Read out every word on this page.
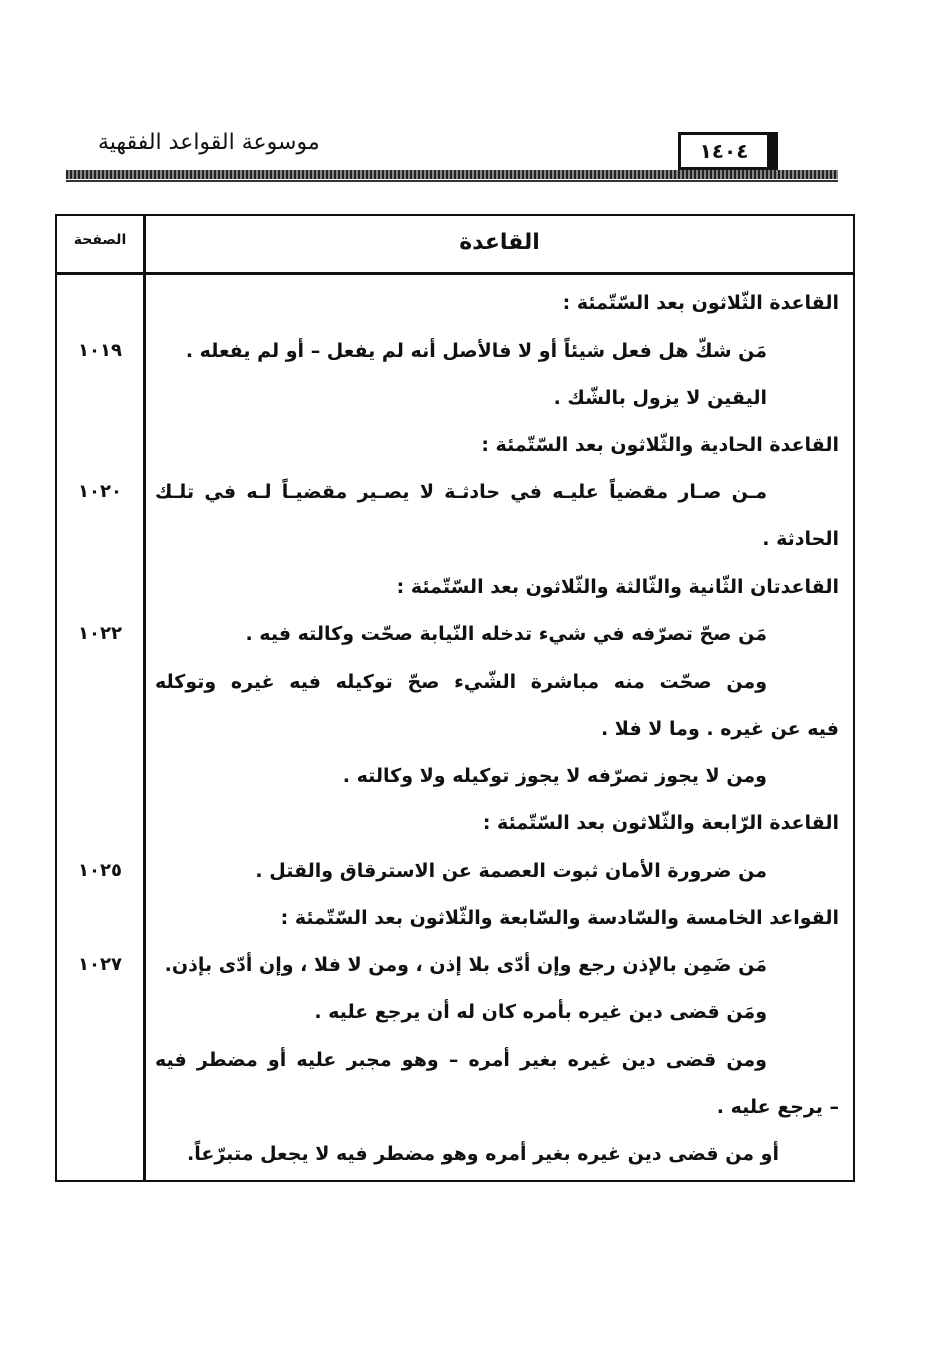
موسوعة القواعد الفقهية	١٤٠٤
الصفحة	القاعدة
القاعدة الثّلاثون بعد السّتّمئة :
مَن شكّ هل فعل شيئاً أو لا فالأصل أنه لم يفعل – أو لم يفعله .
١٠١٩
اليقين لا يزول بالشّك .
القاعدة الحادية والثّلاثون بعد السّتّمئة :
مـن صـار مقضياً عليـه في حادثـة لا يصـير مقضيـاً لـه في تلـك
١٠٢٠
الحادثة .
القاعدتان الثّانية والثّالثة والثّلاثون بعد السّتّمئة :
مَن صحّ تصرّفه في شيء تدخله النّيابة صحّت وكالته فيه .
١٠٢٢
ومن صحّت منه مباشرة الشّيء صحّ توكيله فيه غيره وتوكله
فيه عن غيره . وما لا فلا .
ومن لا يجوز تصرّفه لا يجوز توكيله ولا وكالته .
القاعدة الرّابعة والثّلاثون بعد السّتّمئة :
من ضرورة الأمان ثبوت العصمة عن الاسترقاق والقتل .
١٠٢٥
القواعد الخامسة والسّادسة والسّابعة والثّلاثون بعد السّتّمئة :
مَن ضَمِن بالإذن رجع وإن أدّى بلا إذن ، ومن لا فلا ، وإن أدّى بإذن.
١٠٢٧
ومَن قضى دين غيره بأمره كان له أن يرجع عليه .
ومن قضى دين غيره بغير أمره – وهو مجبر عليه أو مضطر فيه
– يرجع عليه .
أو من قضى دين غيره بغير أمره وهو مضطر فيه لا يجعل متبرّعاً.
